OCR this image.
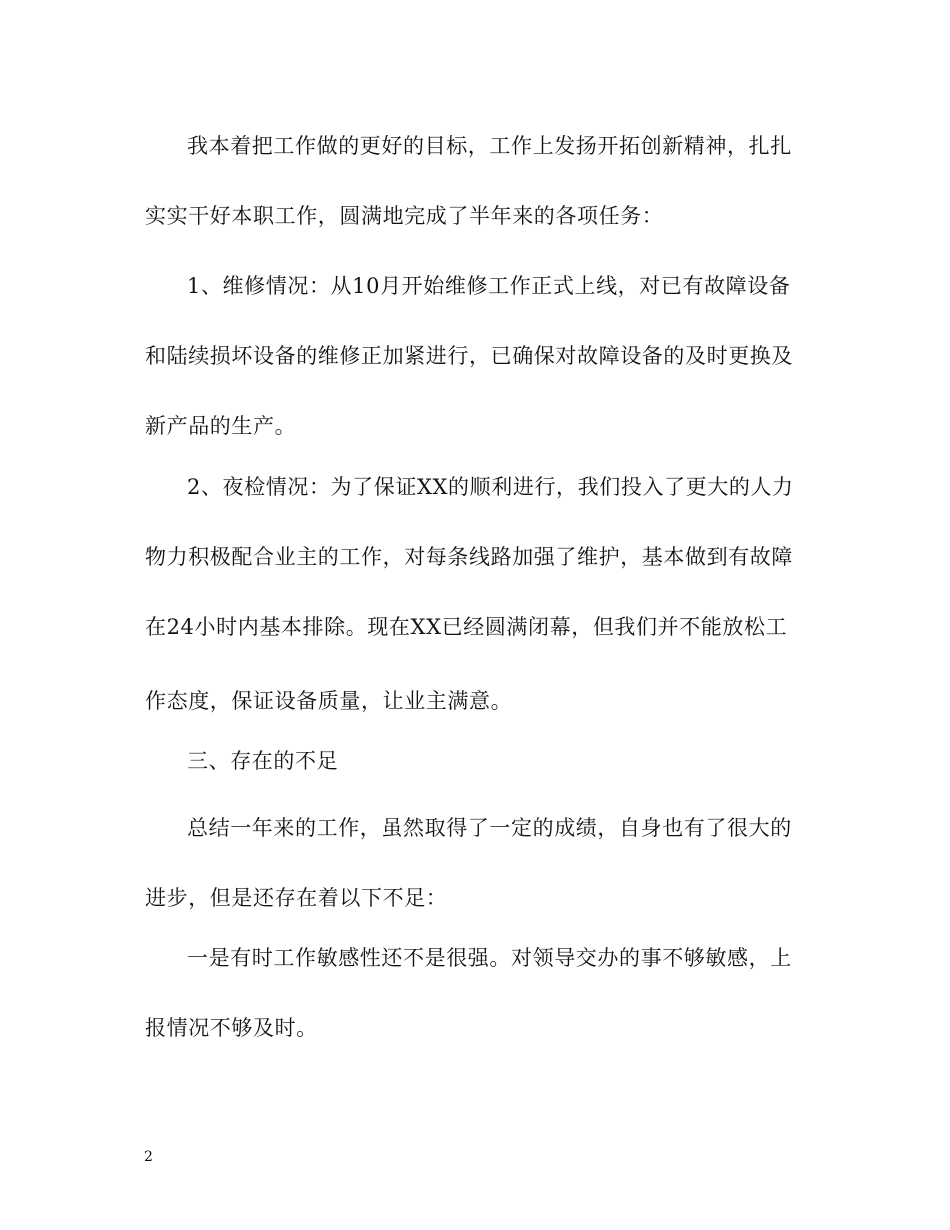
我本着把工作做的更好的目标，工作上发扬开拓创新精神，扎扎
实实干好本职工作，圆满地完成了半年来的各项任务：
1、维修情况：从10月开始维修工作正式上线，对已有故障设备
和陆续损坏设备的维修正加紧进行，已确保对故障设备的及时更换及
新产品的生产。
2、夜检情况：为了保证XX的顺利进行，我们投入了更大的人力
物力积极配合业主的工作，对每条线路加强了维护，基本做到有故障
在24小时内基本排除。现在XX已经圆满闭幕，但我们并不能放松工
作态度，保证设备质量，让业主满意。
三、存在的不足
总结一年来的工作，虽然取得了一定的成绩，自身也有了很大的
进步，但是还存在着以下不足：
一是有时工作敏感性还不是很强。对领导交办的事不够敏感，上
报情况不够及时。
2
